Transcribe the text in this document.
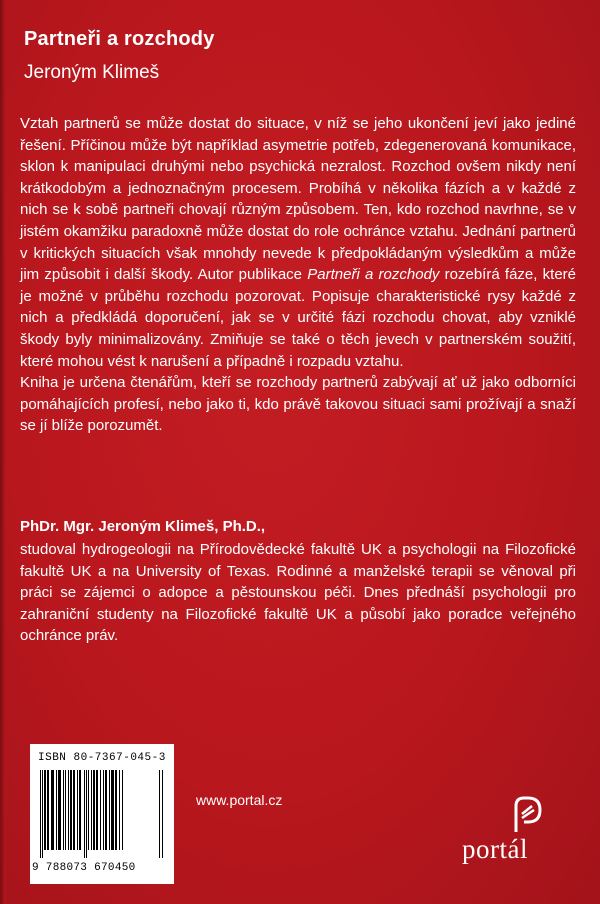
Partneři a rozchody
Jeroným Klimeš

Vztah partnerů se může dostat do situace, v níž se jeho ukončení jeví jako jediné řešení. Příčinou může být například asymetrie potřeb, zdegenerovaná komunikace, sklon k manipulaci druhými nebo psychická nezralost. Rozchod ovšem nikdy není krátkodobým a jednoznačným procesem. Probíhá v několika fázích a v každé z nich se k sobě partneři chovají různým způsobem. Ten, kdo rozchod navrhne, se v jistém okamžiku paradoxně může dostat do role ochránce vztahu. Jednání partnerů v kritických situacích však mnohdy nevede k předpokládaným výsledkům a může jim způsobit i další škody. Autor publikace Partneři a rozchody rozebírá fáze, které je možné v průběhu rozchodu pozorovat. Popisuje charakteristické rysy každé z nich a předkládá doporučení, jak se v určité fázi rozchodu chovat, aby vzniklé škody byly minimalizovány. Zmiňuje se také o těch jevech v partnerském soužití, které mohou vést k narušení a případně i rozpadu vztahu.

Kniha je určena čtenářům, kteří se rozchody partnerů zabývají ať už jako odborníci pomáhajících profesí, nebo jako ti, kdo právě takovou situaci sami prožívají a snaží se jí blíže porozumět.

PhDr. Mgr. Jeroným Klimeš, Ph.D.,
studoval hydrogeologii na Přírodovědecké fakultě UK a psychologii na Filozofické fakultě UK a na University of Texas. Rodinné a manželské terapii se věnoval při práci se zájemci o adopce a pěstounskou péči. Dnes přednáší psychologii pro zahraniční studenty na Filozofické fakultě UK a působí jako poradce veřejného ochránce práv.
ISBN 80-7367-045-3
9 788073 670450
www.portal.cz
portál
